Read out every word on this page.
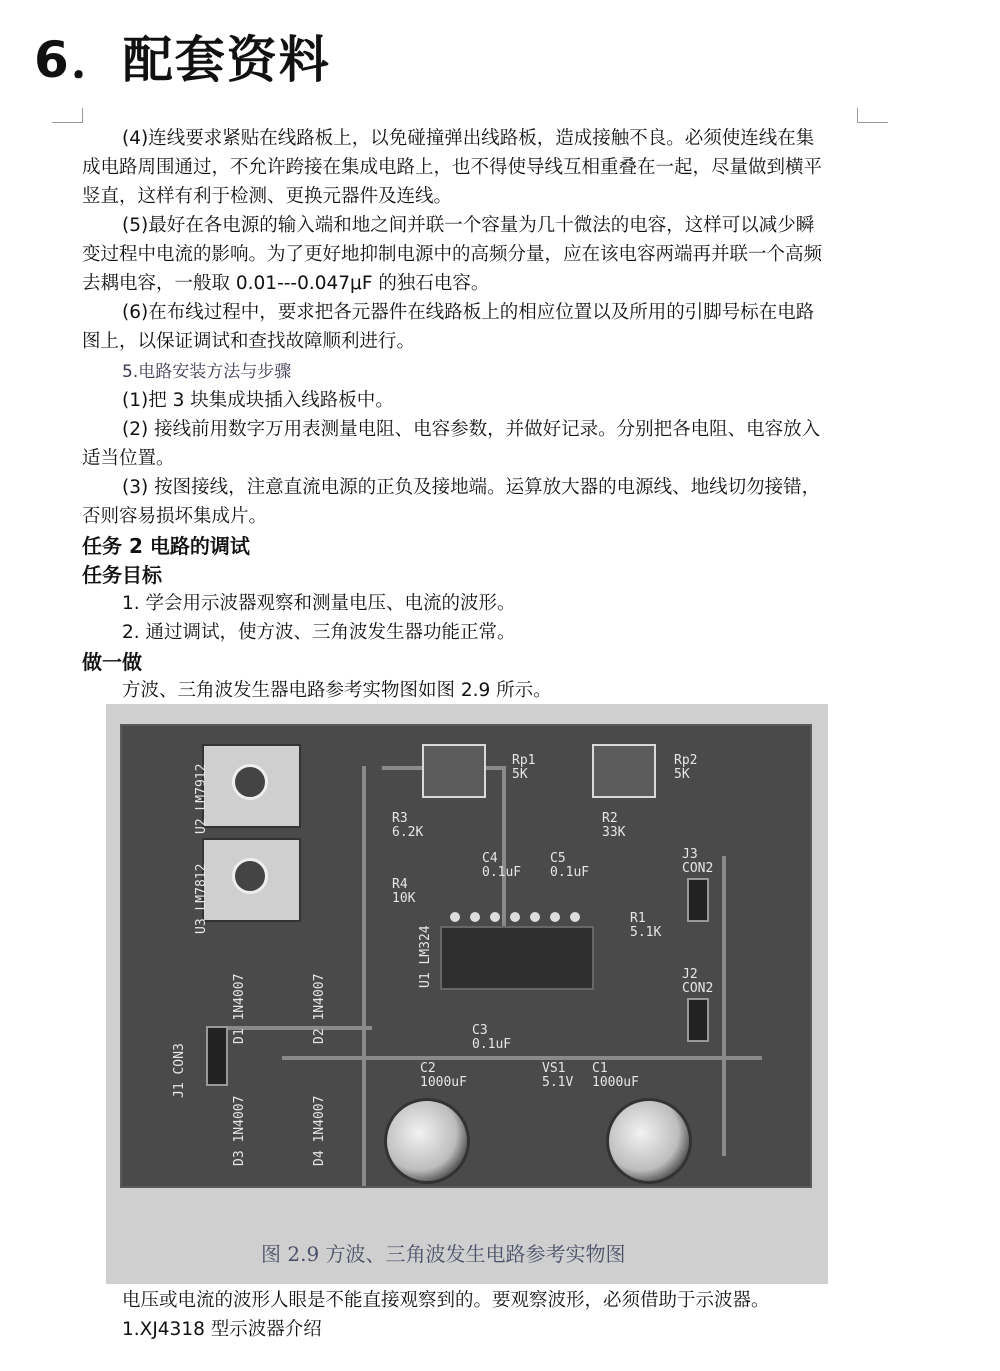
6．配套资料

(4)连线要求紧贴在线路板上，以免碰撞弹出线路板，造成接触不良。必须使连线在集

成电路周围通过，不允许跨接在集成电路上，也不得使导线互相重叠在一起，尽量做到横平

竖直，这样有利于检测、更换元器件及连线。

(5)最好在各电源的输入端和地之间并联一个容量为几十微法的电容，这样可以减少瞬

变过程中电流的影响。为了更好地抑制电源中的高频分量，应在该电容两端再并联一个高频

去耦电容，一般取 0.01---0.047μF 的独石电容。

(6)在布线过程中，要求把各元器件在线路板上的相应位置以及所用的引脚号标在电路

图上，以保证调试和查找故障顺利进行。

5.电路安装方法与步骤

(1)把 3 块集成块插入线路板中。

(2) 接线前用数字万用表测量电阻、电容参数，并做好记录。分别把各电阻、电容放入

适当位置。

(3) 按图接线，注意直流电源的正负及接地端。运算放大器的电源线、地线切勿接错，

否则容易损坏集成片。

任务 2 电路的调试

任务目标

1. 学会用示波器观察和测量电压、电流的波形。

2. 通过调试，使方波、三角波发生器功能正常。

做一做

方波、三角波发生器电路参考实物图如图 2.9 所示。

U2 LM7912
U3 LM7812
Rp1
5K
Rp2
5K
R3
6.2K
R2
33K
C4
0.1uF
C5
0.1uF
R4
10K
J3
CON2
R1
5.1K
U1 LM324
J2
CON2
C3
0.1uF
C2
1000uF
VS1
5.1V
C1
1000uF
D1 1N4007
D2 1N4007
D3 1N4007
D4 1N4007
J1 CON3
图 2.9 方波、三角波发生电路参考实物图

电压或电流的波形人眼是不能直接观察到的。要观察波形，必须借助于示波器。

1.XJ4318 型示波器介绍
